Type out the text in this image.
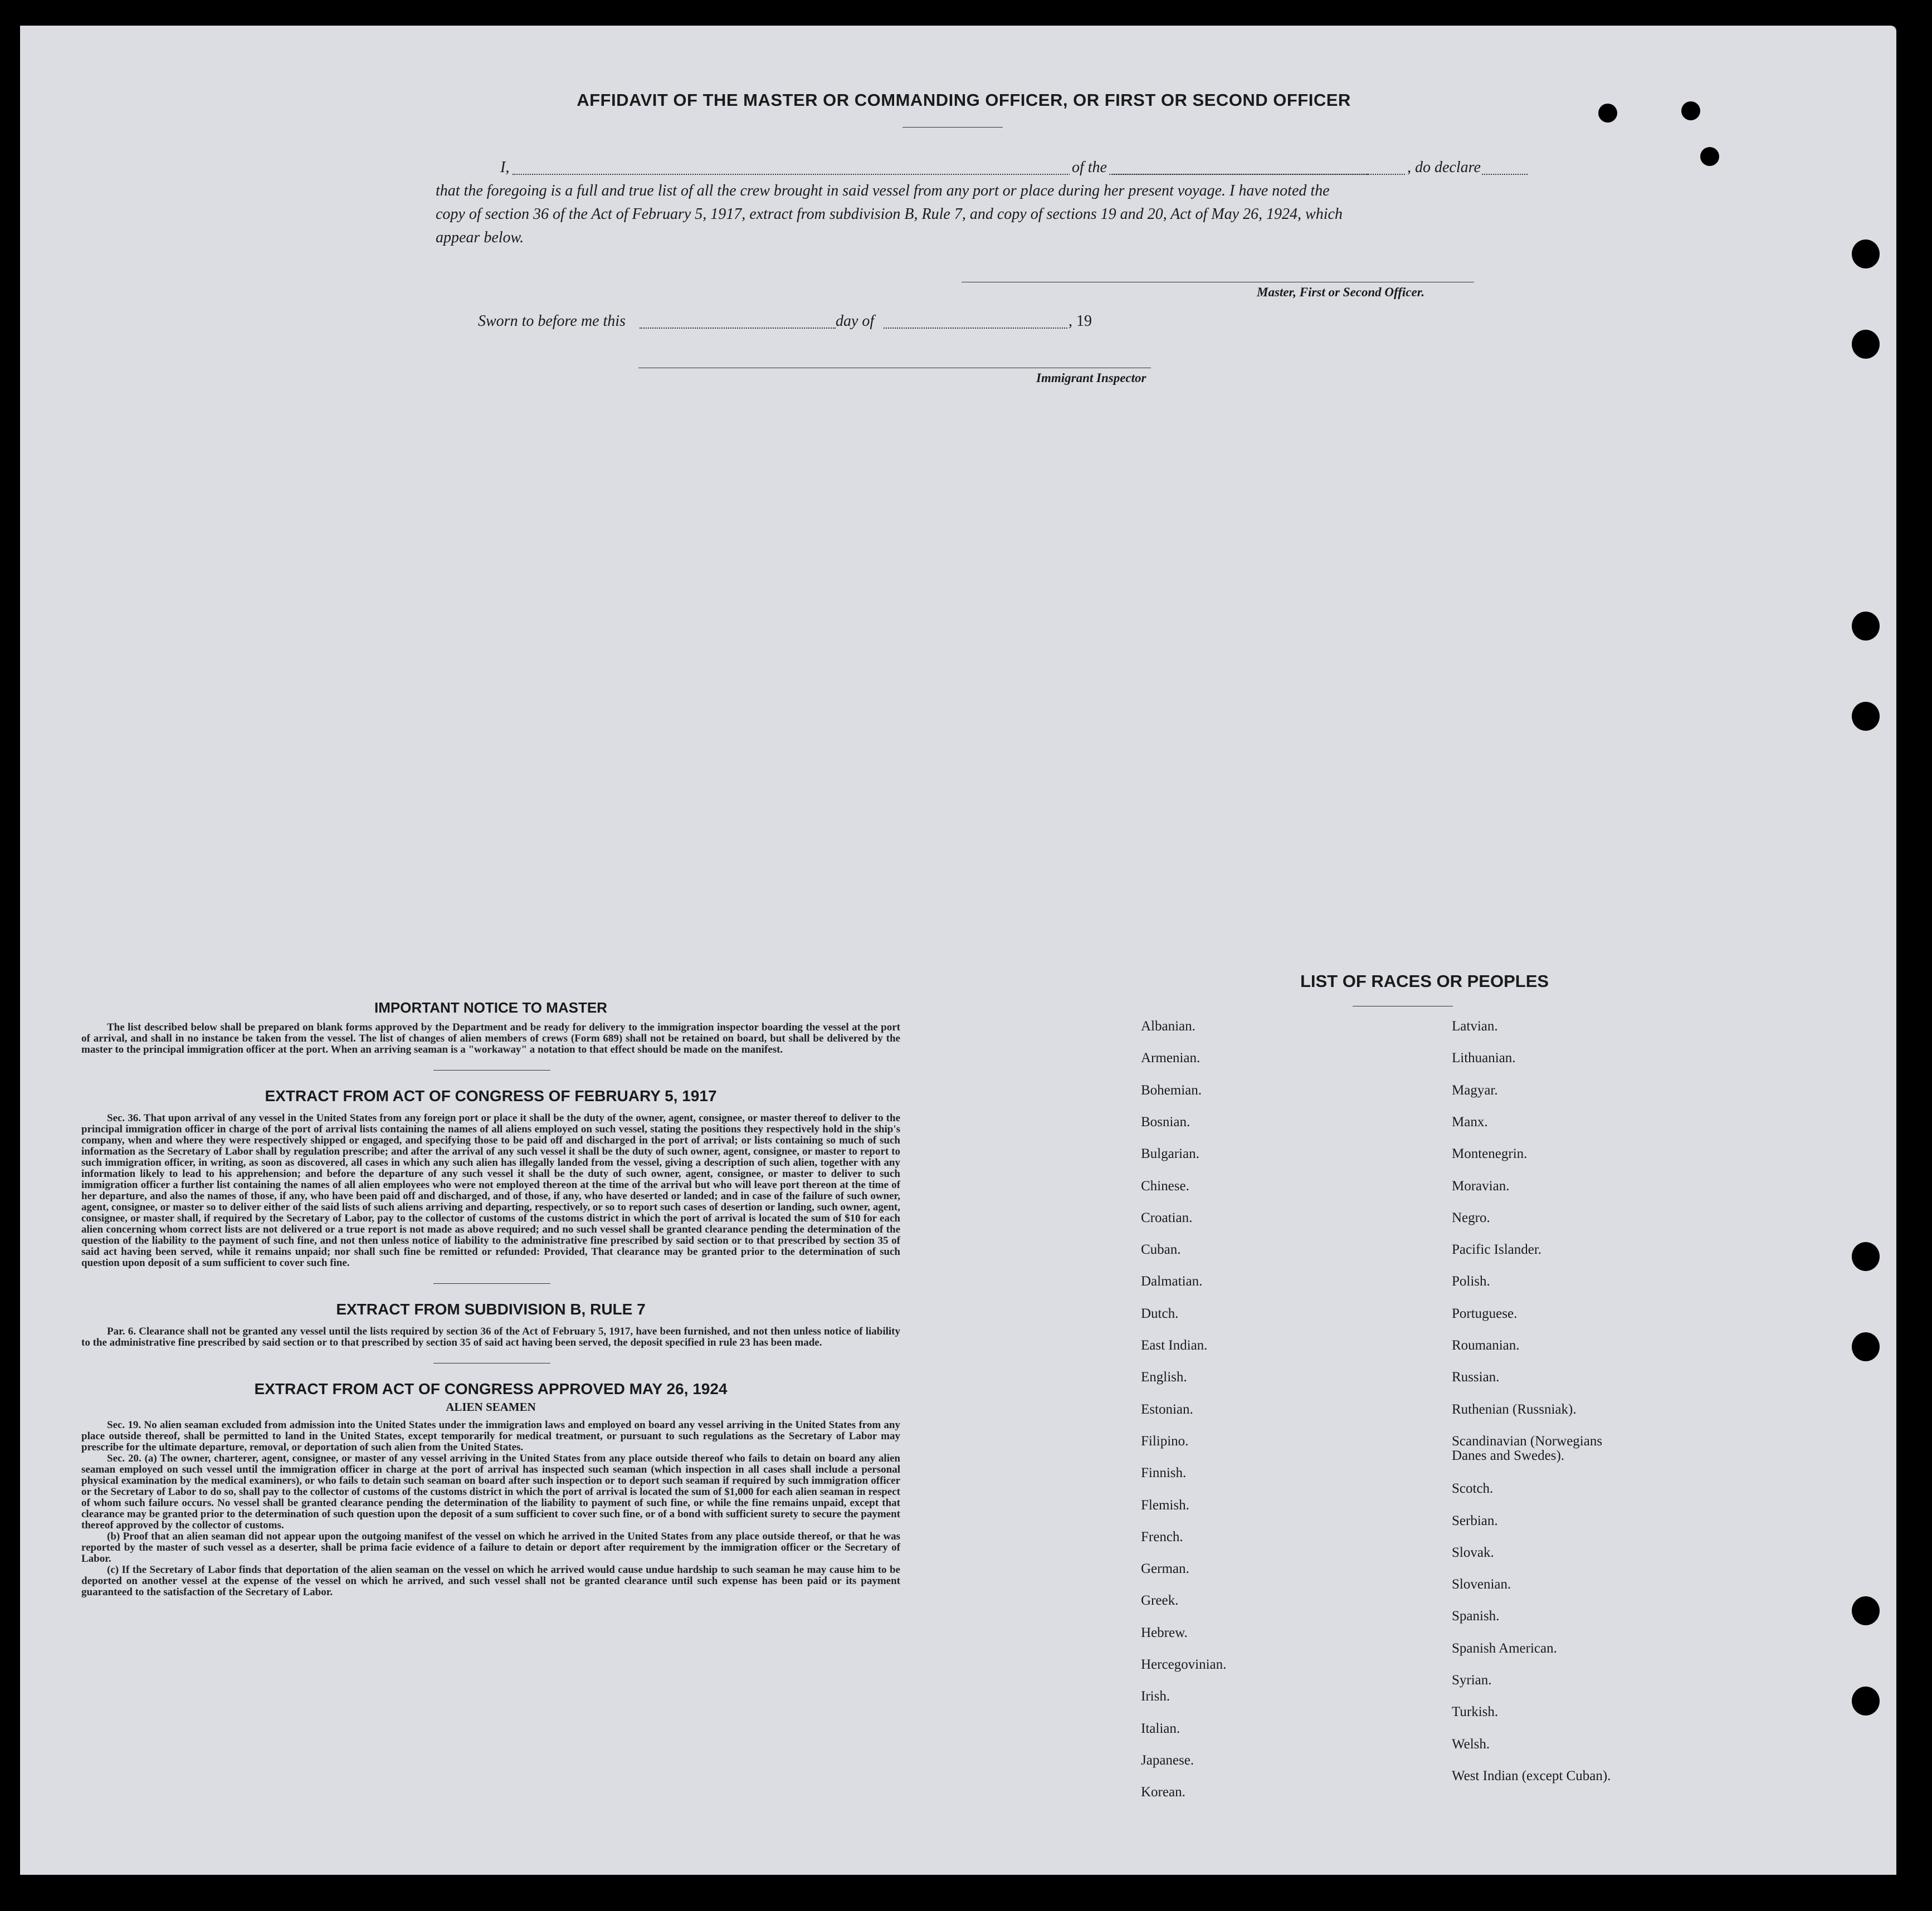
AFFIDAVIT OF THE MASTER OR COMMANDING OFFICER, OR FIRST OR SECOND OFFICER
I,	of the	, do declare
that the foregoing is a full and true list of all the crew brought in said vessel from any port or place during her present voyage. I have noted the
copy of section 36 of the Act of February 5, 1917, extract from subdivision B, Rule 7, and copy of sections 19 and 20, Act of May 26, 1924, which
appear below.
Master, First or Second Officer.
Sworn to before me this	day of	, 19
Immigrant Inspector
IMPORTANT NOTICE TO MASTER

The list described below shall be prepared on blank forms approved by the Department and be ready for delivery to the immigration inspector boarding the vessel at the port of arrival, and shall in no instance be taken from the vessel. The list of changes of alien members of crews (Form 689) shall not be retained on board, but shall be delivered by the master to the principal immigration officer at the port. When an arriving seaman is a "workaway" a notation to that effect should be made on the manifest.

EXTRACT FROM ACT OF CONGRESS OF FEBRUARY 5, 1917

Sec. 36. That upon arrival of any vessel in the United States from any foreign port or place it shall be the duty of the owner, agent, consignee, or master thereof to deliver to the principal immigration officer in charge of the port of arrival lists containing the names of all aliens employed on such vessel, stating the positions they respectively hold in the ship's company, when and where they were respectively shipped or engaged, and specifying those to be paid off and discharged in the port of arrival; or lists containing so much of such information as the Secretary of Labor shall by regulation prescribe; and after the arrival of any such vessel it shall be the duty of such owner, agent, consignee, or master to report to such immigration officer, in writing, as soon as discovered, all cases in which any such alien has illegally landed from the vessel, giving a description of such alien, together with any information likely to lead to his apprehension; and before the departure of any such vessel it shall be the duty of such owner, agent, consignee, or master to deliver to such immigration officer a further list containing the names of all alien employees who were not employed thereon at the time of the arrival but who will leave port thereon at the time of her departure, and also the names of those, if any, who have been paid off and discharged, and of those, if any, who have deserted or landed; and in case of the failure of such owner, agent, consignee, or master so to deliver either of the said lists of such aliens arriving and departing, respectively, or so to report such cases of desertion or landing, such owner, agent, consignee, or master shall, if required by the Secretary of Labor, pay to the collector of customs of the customs district in which the port of arrival is located the sum of $10 for each alien concerning whom correct lists are not delivered or a true report is not made as above required; and no such vessel shall be granted clearance pending the determination of the question of the liability to the payment of such fine, and not then unless notice of liability to the administrative fine prescribed by said section or to that prescribed by section 35 of said act having been served, while it remains unpaid; nor shall such fine be remitted or refunded: Provided, That clearance may be granted prior to the determination of such question upon deposit of a sum sufficient to cover such fine.

EXTRACT FROM SUBDIVISION B, RULE 7

Par. 6. Clearance shall not be granted any vessel until the lists required by section 36 of the Act of February 5, 1917, have been furnished, and not then unless notice of liability to the administrative fine prescribed by said section or to that prescribed by section 35 of said act having been served, the deposit specified in rule 23 has been made.

EXTRACT FROM ACT OF CONGRESS APPROVED MAY 26, 1924
ALIEN SEAMEN

Sec. 19. No alien seaman excluded from admission into the United States under the immigration laws and employed on board any vessel arriving in the United States from any place outside thereof, shall be permitted to land in the United States, except temporarily for medical treatment, or pursuant to such regulations as the Secretary of Labor may prescribe for the ultimate departure, removal, or deportation of such alien from the United States.

Sec. 20. (a) The owner, charterer, agent, consignee, or master of any vessel arriving in the United States from any place outside thereof who fails to detain on board any alien seaman employed on such vessel until the immigration officer in charge at the port of arrival has inspected such seaman (which inspection in all cases shall include a personal physical examination by the medical examiners), or who fails to detain such seaman on board after such inspection or to deport such seaman if required by such immigration officer or the Secretary of Labor to do so, shall pay to the collector of customs of the customs district in which the port of arrival is located the sum of $1,000 for each alien seaman in respect of whom such failure occurs. No vessel shall be granted clearance pending the determination of the liability to payment of such fine, or while the fine remains unpaid, except that clearance may be granted prior to the determination of such question upon the deposit of a sum sufficient to cover such fine, or of a bond with sufficient surety to secure the payment thereof approved by the collector of customs.

(b) Proof that an alien seaman did not appear upon the outgoing manifest of the vessel on which he arrived in the United States from any place outside thereof, or that he was reported by the master of such vessel as a deserter, shall be prima facie evidence of a failure to detain or deport after requirement by the immigration officer or the Secretary of Labor.

(c) If the Secretary of Labor finds that deportation of the alien seaman on the vessel on which he arrived would cause undue hardship to such seaman he may cause him to be deported on another vessel at the expense of the vessel on which he arrived, and such vessel shall not be granted clearance until such expense has been paid or its payment guaranteed to the satisfaction of the Secretary of Labor.

LIST OF RACES OR PEOPLES
Albanian.
Armenian.
Bohemian.
Bosnian.
Bulgarian.
Chinese.
Croatian.
Cuban.
Dalmatian.
Dutch.
East Indian.
English.
Estonian.
Filipino.
Finnish.
Flemish.
French.
German.
Greek.
Hebrew.
Hercegovinian.
Irish.
Italian.
Japanese.
Korean.
Latvian.
Lithuanian.
Magyar.
Manx.
Montenegrin.
Moravian.
Negro.
Pacific Islander.
Polish.
Portuguese.
Roumanian.
Russian.
Ruthenian (Russniak).
Scandinavian (Norwegians
Danes and Swedes).
Scotch.
Serbian.
Slovak.
Slovenian.
Spanish.
Spanish American.
Syrian.
Turkish.
Welsh.
West Indian (except Cuban).
